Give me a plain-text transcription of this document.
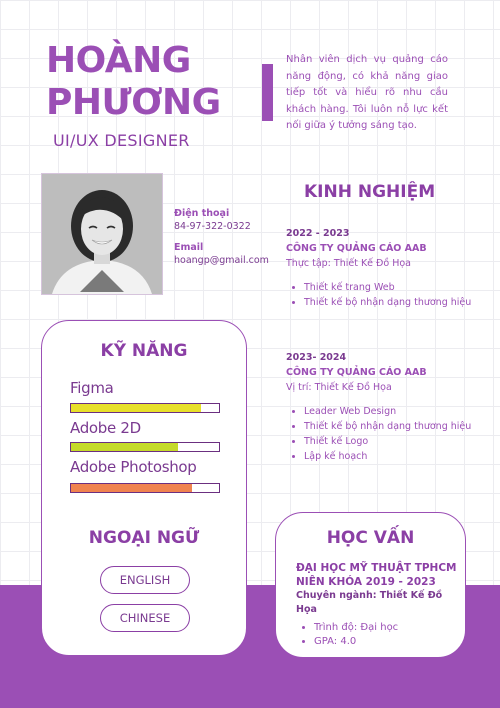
HOÀNG
PHƯƠNG
UI/UX DESIGNER
Nhân viên dịch vụ quảng cáo năng động, có khả năng giao tiếp tốt và hiểu rõ nhu cầu khách hàng. Tôi luôn nỗ lực kết nối giữa ý tưởng sáng tạo.
Điện thoại
84-97-322-0322
Email
hoangp@gmail.com
KỸ NĂNG
Figma
Adobe 2D
Adobe Photoshop
NGOẠI NGỮ
ENGLISH
CHINESE
KINH NGHIỆM
2022 - 2023
CÔNG TY QUẢNG CÁO AAB
Thực tập: Thiết Kế Đồ Họa
• Thiết kế trang Web
• Thiết kế bộ nhận dạng thương hiệu
2023- 2024
CÔNG TY QUẢNG CÁO AAB
Vị trí: Thiết Kế Đồ Họa
• Leader Web Design
• Thiết kế bộ nhận dạng thương hiệu
• Thiết kế Logo
• Lập kế hoạch
HỌC VẤN
ĐẠI HỌC MỸ THUẬT TPHCM
NIÊN KHÓA 2019 - 2023
Chuyên ngành: Thiết Kế Đồ Họa
• Trình độ: Đại học
• GPA: 4.0
